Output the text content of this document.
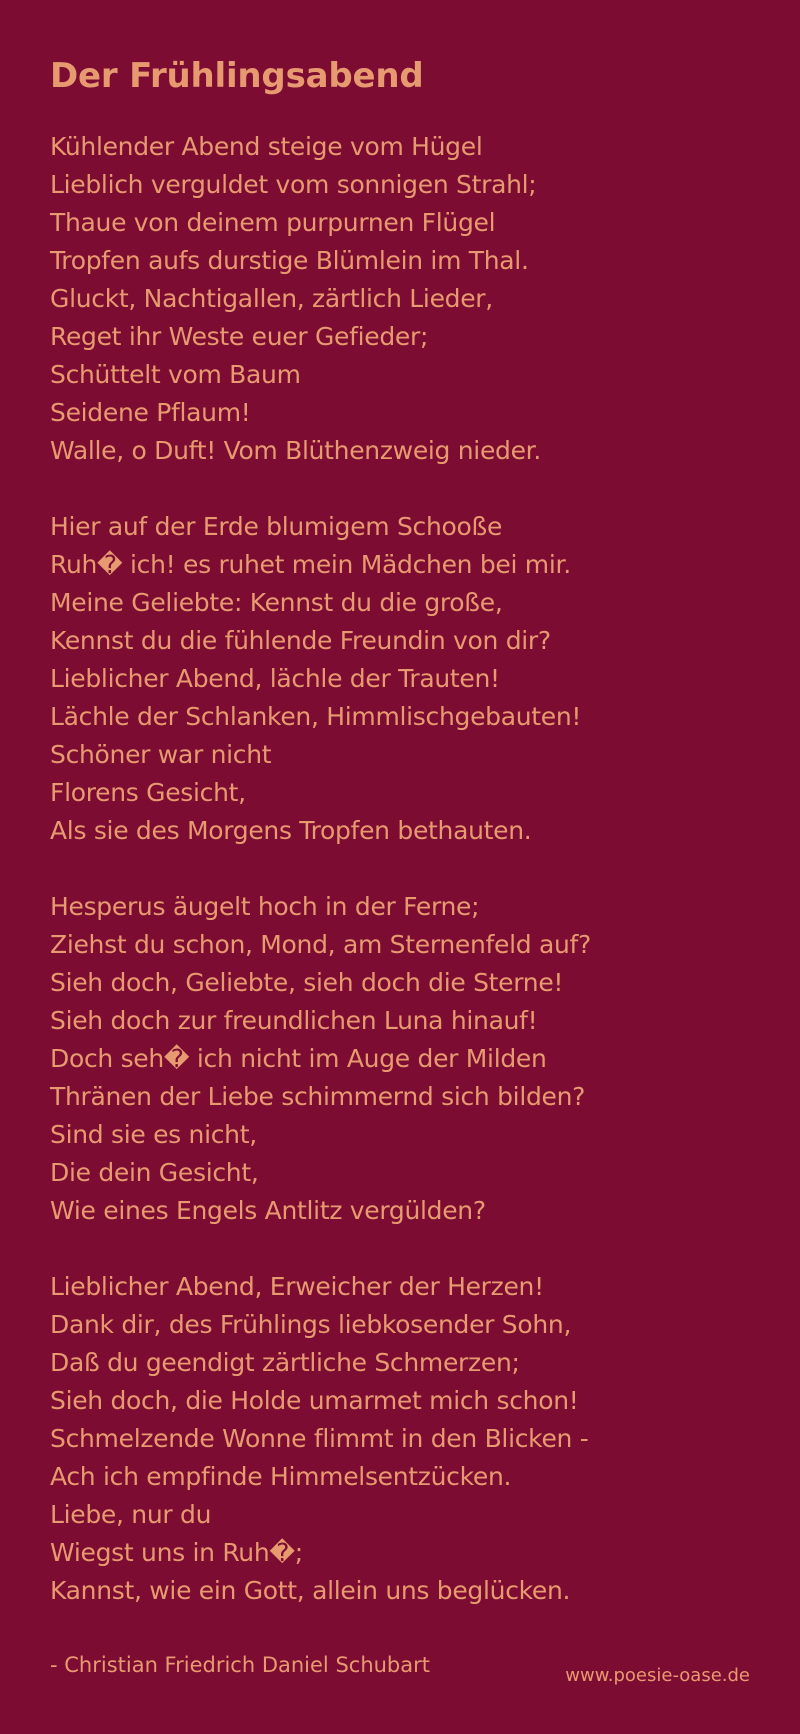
Der Frühlingsabend
Kühlender Abend steige vom Hügel
Lieblich verguldet vom sonnigen Strahl;
Thaue von deinem purpurnen Flügel
Tropfen aufs durstige Blümlein im Thal.
Gluckt, Nachtigallen, zärtlich Lieder,
Reget ihr Weste euer Gefieder;
Schüttelt vom Baum
Seidene Pflaum!
Walle, o Duft! Vom Blüthenzweig nieder.
Hier auf der Erde blumigem Schooße
Ruh� ich! es ruhet mein Mädchen bei mir.
Meine Geliebte: Kennst du die große,
Kennst du die fühlende Freundin von dir?
Lieblicher Abend, lächle der Trauten!
Lächle der Schlanken, Himmlischgebauten!
Schöner war nicht
Florens Gesicht,
Als sie des Morgens Tropfen bethauten.
Hesperus äugelt hoch in der Ferne;
Ziehst du schon, Mond, am Sternenfeld auf?
Sieh doch, Geliebte, sieh doch die Sterne!
Sieh doch zur freundlichen Luna hinauf!
Doch seh� ich nicht im Auge der Milden
Thränen der Liebe schimmernd sich bilden?
Sind sie es nicht,
Die dein Gesicht,
Wie eines Engels Antlitz vergülden?
Lieblicher Abend, Erweicher der Herzen!
Dank dir, des Frühlings liebkosender Sohn,
Daß du geendigt zärtliche Schmerzen;
Sieh doch, die Holde umarmet mich schon!
Schmelzende Wonne flimmt in den Blicken -
Ach ich empfinde Himmelsentzücken.
Liebe, nur du
Wiegst uns in Ruh�;
Kannst, wie ein Gott, allein uns beglücken.
- Christian Friedrich Daniel Schubart	www.poesie-oase.de
